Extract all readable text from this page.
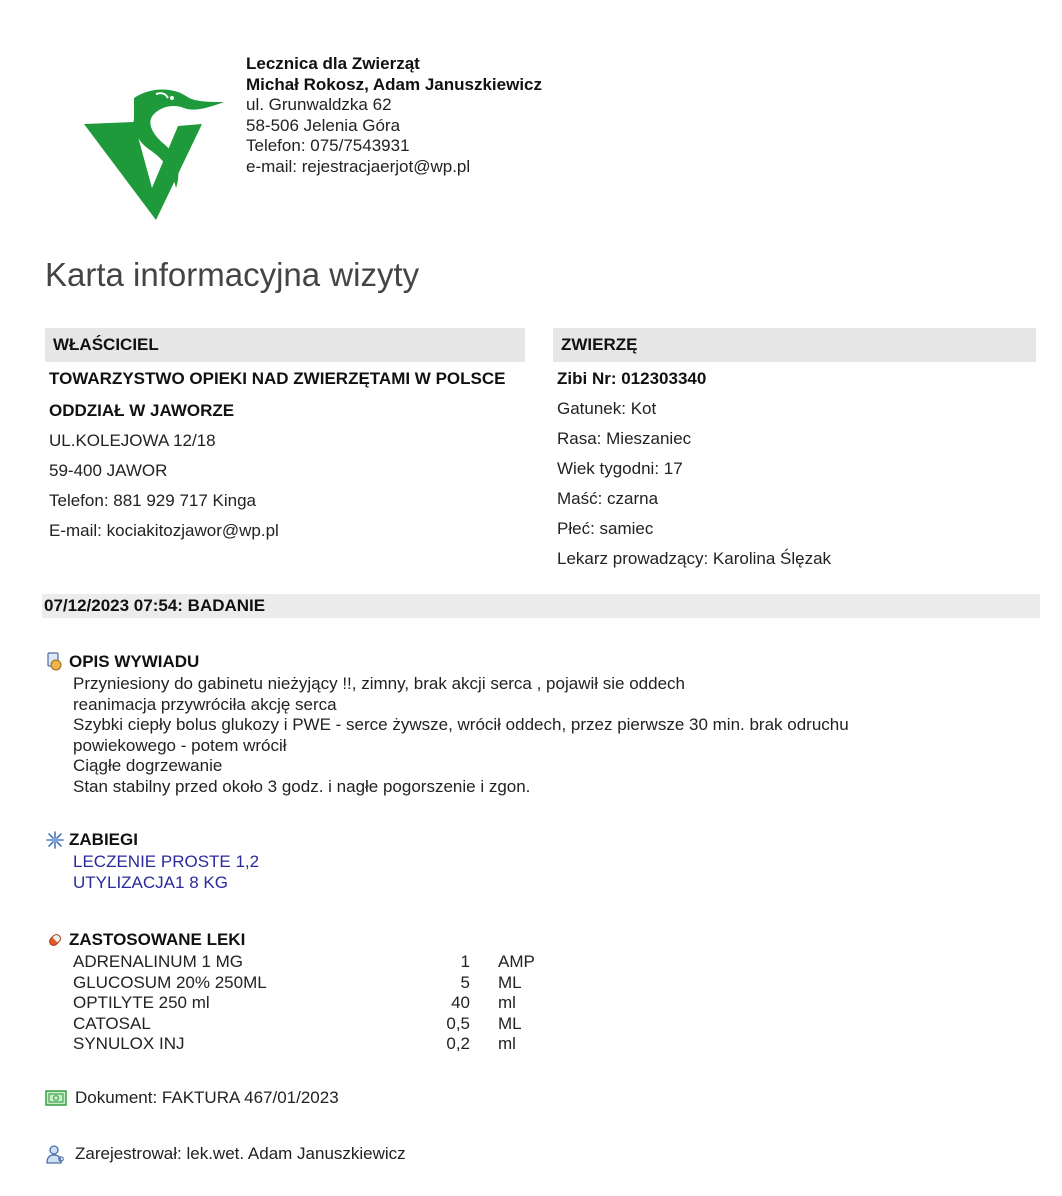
Lecznica dla Zwierząt
Michał Rokosz, Adam Januszkiewicz
ul. Grunwaldzka 62
58-506 Jelenia Góra
Telefon: 075/7543931
e-mail: rejestracjaerjot@wp.pl
Karta informacyjna wizyty
WŁAŚCICIEL
TOWARZYSTWO OPIEKI NAD ZWIERZĘTAMI W POLSCE
ODDZIAŁ W JAWORZE
UL.KOLEJOWA 12/18
59-400 JAWOR
Telefon: 881 929 717 Kinga
E-mail: kociakitozjawor@wp.pl
ZWIERZĘ
Zibi Nr: 012303340
Gatunek: Kot
Rasa: Mieszaniec
Wiek tygodni: 17
Maść: czarna
Płeć: samiec
Lekarz prowadzący: Karolina Ślęzak
07/12/2023 07:54: BADANIE
OPIS WYWIADU
Przyniesiony do gabinetu nieżyjący !!, zimny, brak akcji serca , pojawił sie oddech
reanimacja przywróciła akcję serca
Szybki ciepły bolus glukozy i PWE - serce żywsze, wrócił oddech, przez pierwsze 30 min. brak odruchu
powiekowego - potem wrócił
Ciągłe dogrzewanie
Stan stabilny przed około 3 godz. i nagłe pogorszenie i zgon.
ZABIEGI
LECZENIE PROSTE 1,2
UTYLIZACJA1 8 KG
ZASTOSOWANE LEKI
ADRENALINUM 1 MG	1	AMP
GLUCOSUM 20% 250ML	5	ML
OPTILYTE 250 ml	40	ml
CATOSAL	0,5	ML
SYNULOX INJ	0,2	ml
Dokument: FAKTURA 467/01/2023
Zarejestrował: lek.wet. Adam Januszkiewicz
